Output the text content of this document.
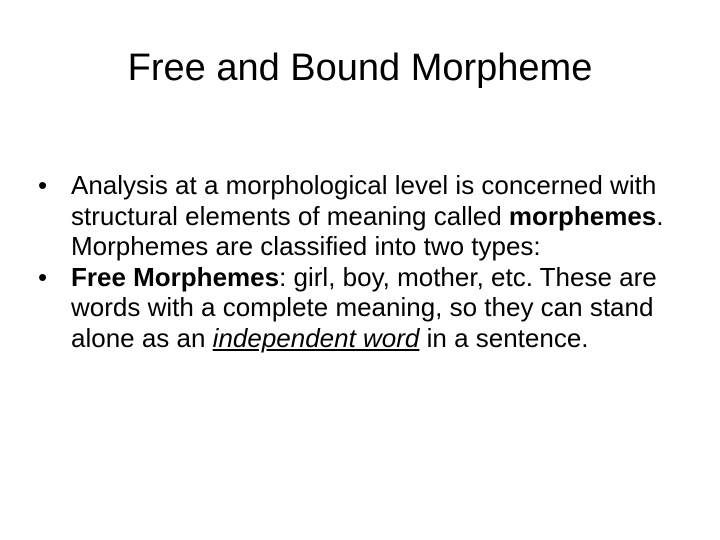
Free and Bound Morpheme
• Analysis at a morphological level is concerned with structural elements of meaning called morphemes. Morphemes are classified into two types:
• Free Morphemes: girl, boy, mother, etc. These are words with a complete meaning, so they can stand alone as an independent word in a sentence.
